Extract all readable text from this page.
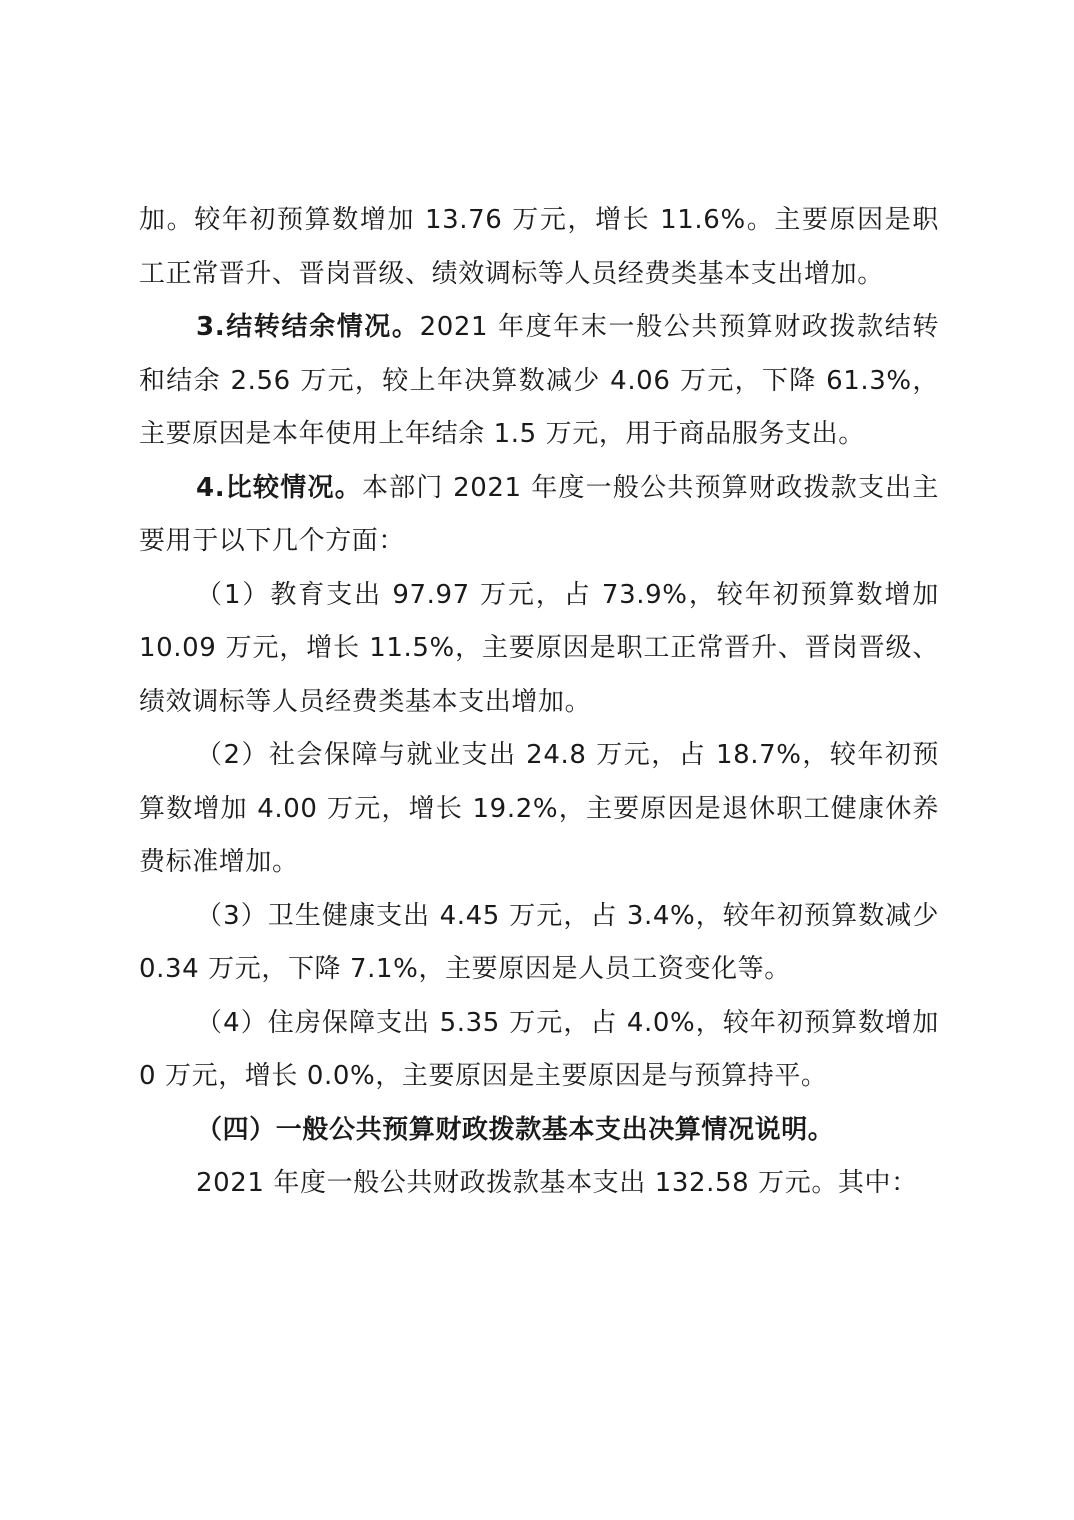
加。较年初预算数增加 13.76 万元，增长 11.6%。主要原因是职工正常晋升、晋岗晋级、绩效调标等人员经费类基本支出增加。

3.结转结余情况。2021 年度年末一般公共预算财政拨款结转和结余 2.56 万元，较上年决算数减少 4.06 万元，下降 61.3%，主要原因是本年使用上年结余 1.5 万元，用于商品服务支出。

4.比较情况。本部门 2021 年度一般公共预算财政拨款支出主要用于以下几个方面：

（1）教育支出 97.97 万元，占 73.9%，较年初预算数增加 10.09 万元，增长 11.5%，主要原因是职工正常晋升、晋岗晋级、绩效调标等人员经费类基本支出增加。

（2）社会保障与就业支出 24.8 万元，占 18.7%，较年初预算数增加 4.00 万元，增长 19.2%，主要原因是退休职工健康休养费标准增加。

（3）卫生健康支出 4.45 万元，占 3.4%，较年初预算数减少 0.34 万元，下降 7.1%，主要原因是人员工资变化等。

（4）住房保障支出 5.35 万元，占 4.0%，较年初预算数增加 0 万元，增长 0.0%，主要原因是主要原因是与预算持平。

（四）一般公共预算财政拨款基本支出决算情况说明。

2021 年度一般公共财政拨款基本支出 132.58 万元。其中：
